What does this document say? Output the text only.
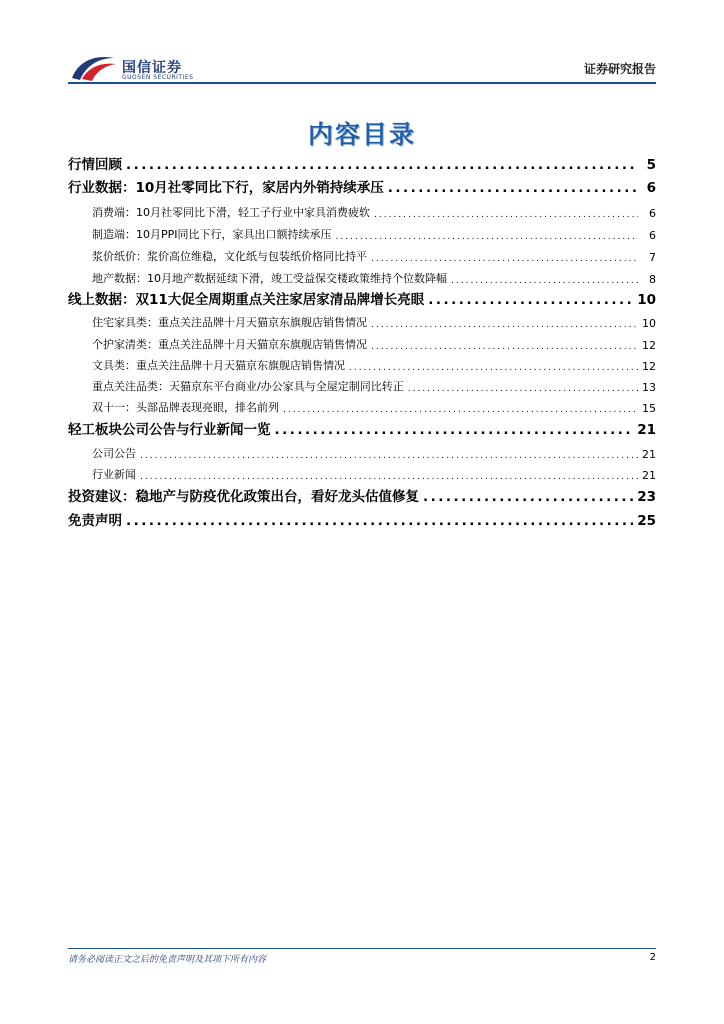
国信证券
GUOSEN SECURITIES
证券研究报告
内容目录
行情回顾 .....	5
行业数据：10月社零同比下行，家居内外销持续承压 .....	6
消费端：10月社零同比下滑，轻工子行业中家具消费疲软 .....	6
制造端：10月PPI同比下行，家具出口额持续承压 .....	6
浆价纸价：浆价高位维稳，文化纸与包装纸价格同比持平 .....	7
地产数据：10月地产数据延续下滑，竣工受益保交楼政策维持个位数降幅 .....	8
线上数据：双11大促全周期重点关注家居家清品牌增长亮眼 .....	10
住宅家具类：重点关注品牌十月天猫京东旗舰店销售情况 .....	10
个护家清类：重点关注品牌十月天猫京东旗舰店销售情况 .....	12
文具类：重点关注品牌十月天猫京东旗舰店销售情况 .....	12
重点关注品类：天猫京东平台商业/办公家具与全屋定制同比转正 .....	13
双十一：头部品牌表现亮眼，排名前列 .....	15
轻工板块公司公告与行业新闻一览 .....	21
公司公告 .....	21
行业新闻 .....	21
投资建议：稳地产与防疫优化政策出台，看好龙头估值修复 .....	23
免责声明 .....	25
请务必阅读正文之后的免责声明及其项下所有内容	2
